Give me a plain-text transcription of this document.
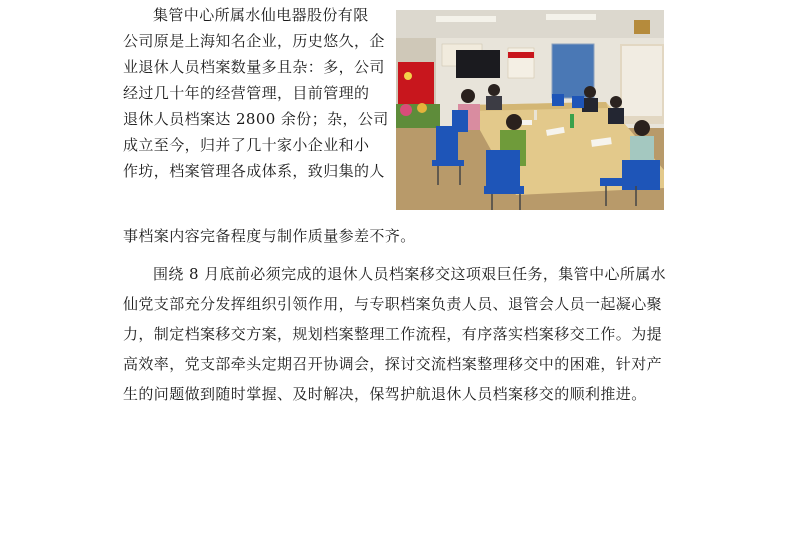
集管中心所属水仙电器股份有限
公司原是上海知名企业，历史悠久，企
业退休人员档案数量多且杂：多，公司
经过几十年的经营管理，目前管理的
退休人员档案达 2800 余份；杂，公司
成立至今，归并了几十家小企业和小
作坊，档案管理各成体系，致归集的人
事档案内容完备程度与制作质量参差不齐。
围绕 8 月底前必须完成的退休人员档案移交这项艰巨任务，集管中心所属水
仙党支部充分发挥组织引领作用，与专职档案负责人员、退管会人员一起凝心聚
力，制定档案移交方案，规划档案整理工作流程，有序落实档案移交工作。为提
高效率，党支部牵头定期召开协调会，探讨交流档案整理移交中的困难，针对产
生的问题做到随时掌握、及时解决，保驾护航退休人员档案移交的顺利推进。
